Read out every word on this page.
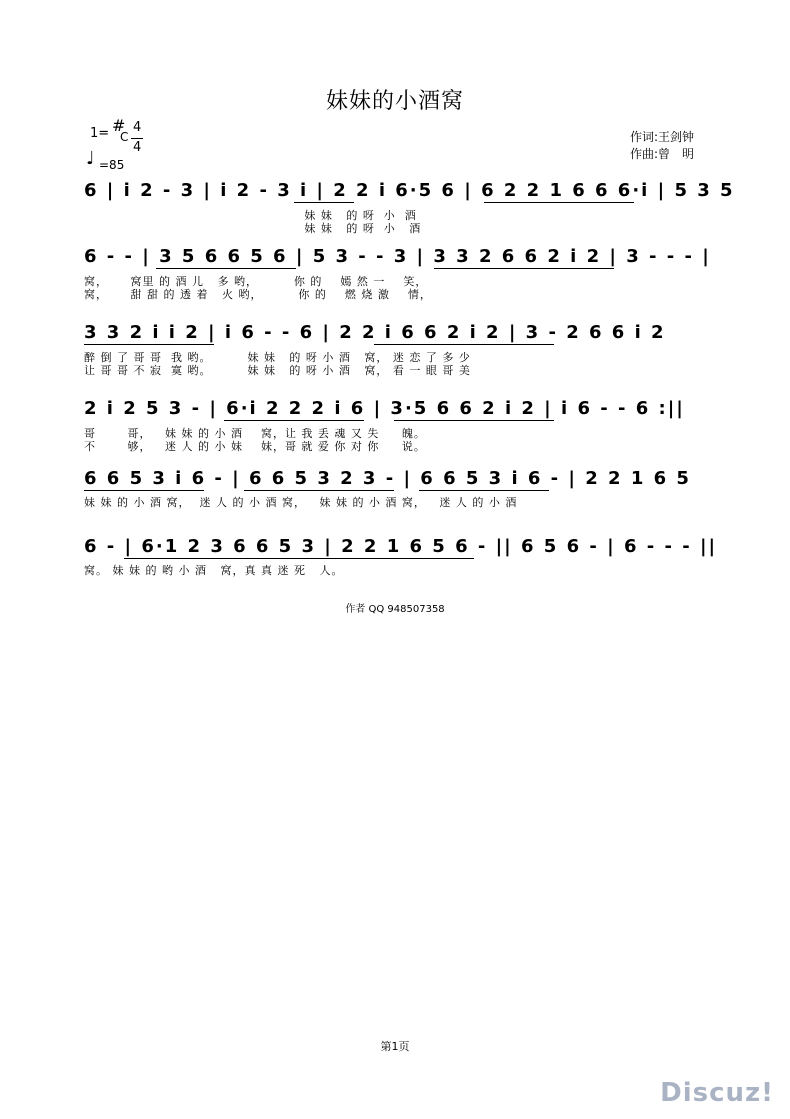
妹妹的小酒窝
1= #
C
4
4
♩ =85
作词:王剑钟
作曲:曾　明
6 | i 2 - 3 | i 2 - 3 i | 2 2 i 6·5 6 | 6 2 2 1 6 6 6·i | 5 3 5
妹 妹   的 呀  小  酒
妹 妹   的 呀  小   酒
6 - - | 3 5 6 6 5 6 | 5 3 - - 3 | 3 3 2 6 6 2 i 2 | 3 - - - |
窝，     窝里 的 酒 儿   多 哟，        你 的    嫣 然 一    笑，
窝，     甜 甜 的 透 着   火 哟，        你 的    燃 烧 激    情，
3 3 2 i i 2 | i 6 - - 6 | 2 2 i 6 6 2 i 2 | 3 - 2 6 6 i 2
醉 倒 了 哥 哥  我 哟。        妹 妹   的 呀 小 酒   窝， 迷 恋 了 多 少
让 哥 哥 不 寂  寞 哟。        妹 妹   的 呀 小 酒   窝， 看 一 眼 哥 美
2 i 2 5 3 - | 6·i 2 2 2 i 6 | 3·5 6 6 2 i 2 | i 6 - - 6 :||
哥       哥，   妹 妹 的 小 酒    窝，让 我 丢 魂 又 失     魄。
不       够，   迷 人 的 小 妹    妹，哥 就 爱 你 对 你     说。
6 6 5 3 i 6 - | 6 6 5 3 2 3 - | 6 6 5 3 i 6 - | 2 2 1 6 5
妹 妹 的 小 酒 窝，  迷 人 的 小 酒 窝，   妹 妹 的 小 酒 窝，   迷 人 的 小 酒
6 - | 6·1 2 3 6 6 5 3 | 2 2 1 6 5 6 - || 6 5 6 - | 6 - - - ||
窝。 妹 妹 的 哟 小 酒   窝，真 真 迷 死   人。
作者 QQ 948507358
第1页
Discuz!
